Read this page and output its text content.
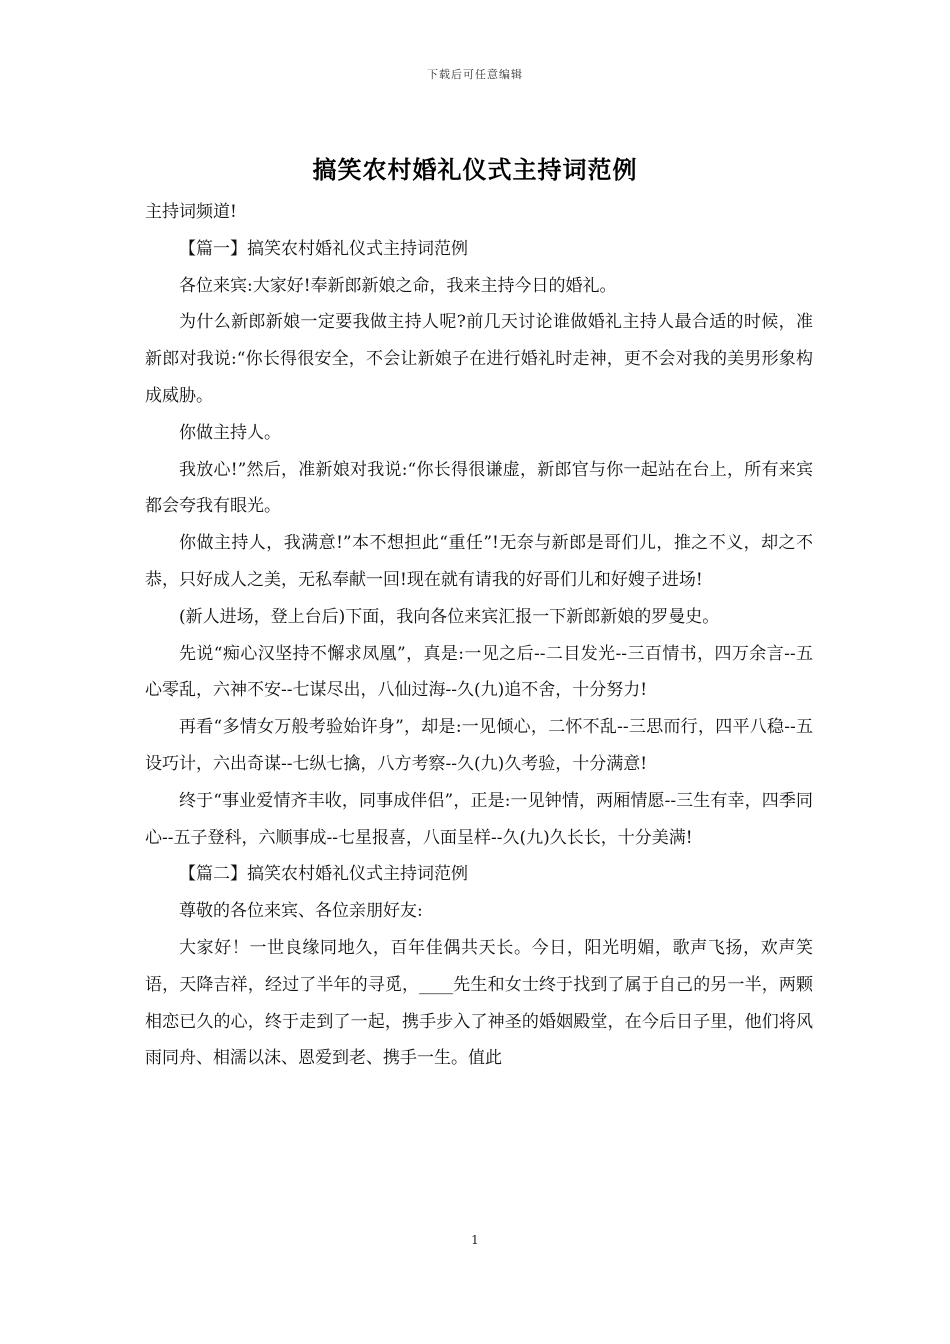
下载后可任意编辑
搞笑农村婚礼仪式主持词范例

主持词频道!

【篇一】搞笑农村婚礼仪式主持词范例

各位来宾:大家好!奉新郎新娘之命，我来主持今日的婚礼。

为什么新郎新娘一定要我做主持人呢?前几天讨论谁做婚礼主持人最合适的时候，准新郎对我说:“你长得很安全，不会让新娘子在进行婚礼时走神，更不会对我的美男形象构成威胁。

你做主持人。

我放心!”然后，准新娘对我说:“你长得很谦虚，新郎官与你一起站在台上，所有来宾都会夸我有眼光。

你做主持人，我满意!”本不想担此“重任”!无奈与新郎是哥们儿，推之不义，却之不恭，只好成人之美，无私奉献一回!现在就有请我的好哥们儿和好嫂子进场!

(新人进场，登上台后)下面，我向各位来宾汇报一下新郎新娘的罗曼史。

先说“痴心汉坚持不懈求凤凰”，真是:一见之后--二目发光--三百情书，四万余言--五心零乱，六神不安--七谋尽出，八仙过海--久(九)追不舍，十分努力!

再看“多情女万般考验始许身”，却是:一见倾心，二怀不乱--三思而行，四平八稳--五设巧计，六出奇谋--七纵七擒，八方考察--久(九)久考验，十分满意!

终于“事业爱情齐丰收，同事成伴侣”，正是:一见钟情，两厢情愿--三生有幸，四季同心--五子登科，六顺事成--七星报喜，八面呈样--久(九)久长长，十分美满!

【篇二】搞笑农村婚礼仪式主持词范例

尊敬的各位来宾、各位亲朋好友:

大家好！一世良缘同地久，百年佳偶共天长。今日，阳光明媚，歌声飞扬，欢声笑语，天降吉祥，经过了半年的寻觅，____先生和女士终于找到了属于自己的另一半，两颗相恋已久的心，终于走到了一起，携手步入了神圣的婚姻殿堂，在今后日子里，他们将风雨同舟、相濡以沫、恩爱到老、携手一生。值此

1
